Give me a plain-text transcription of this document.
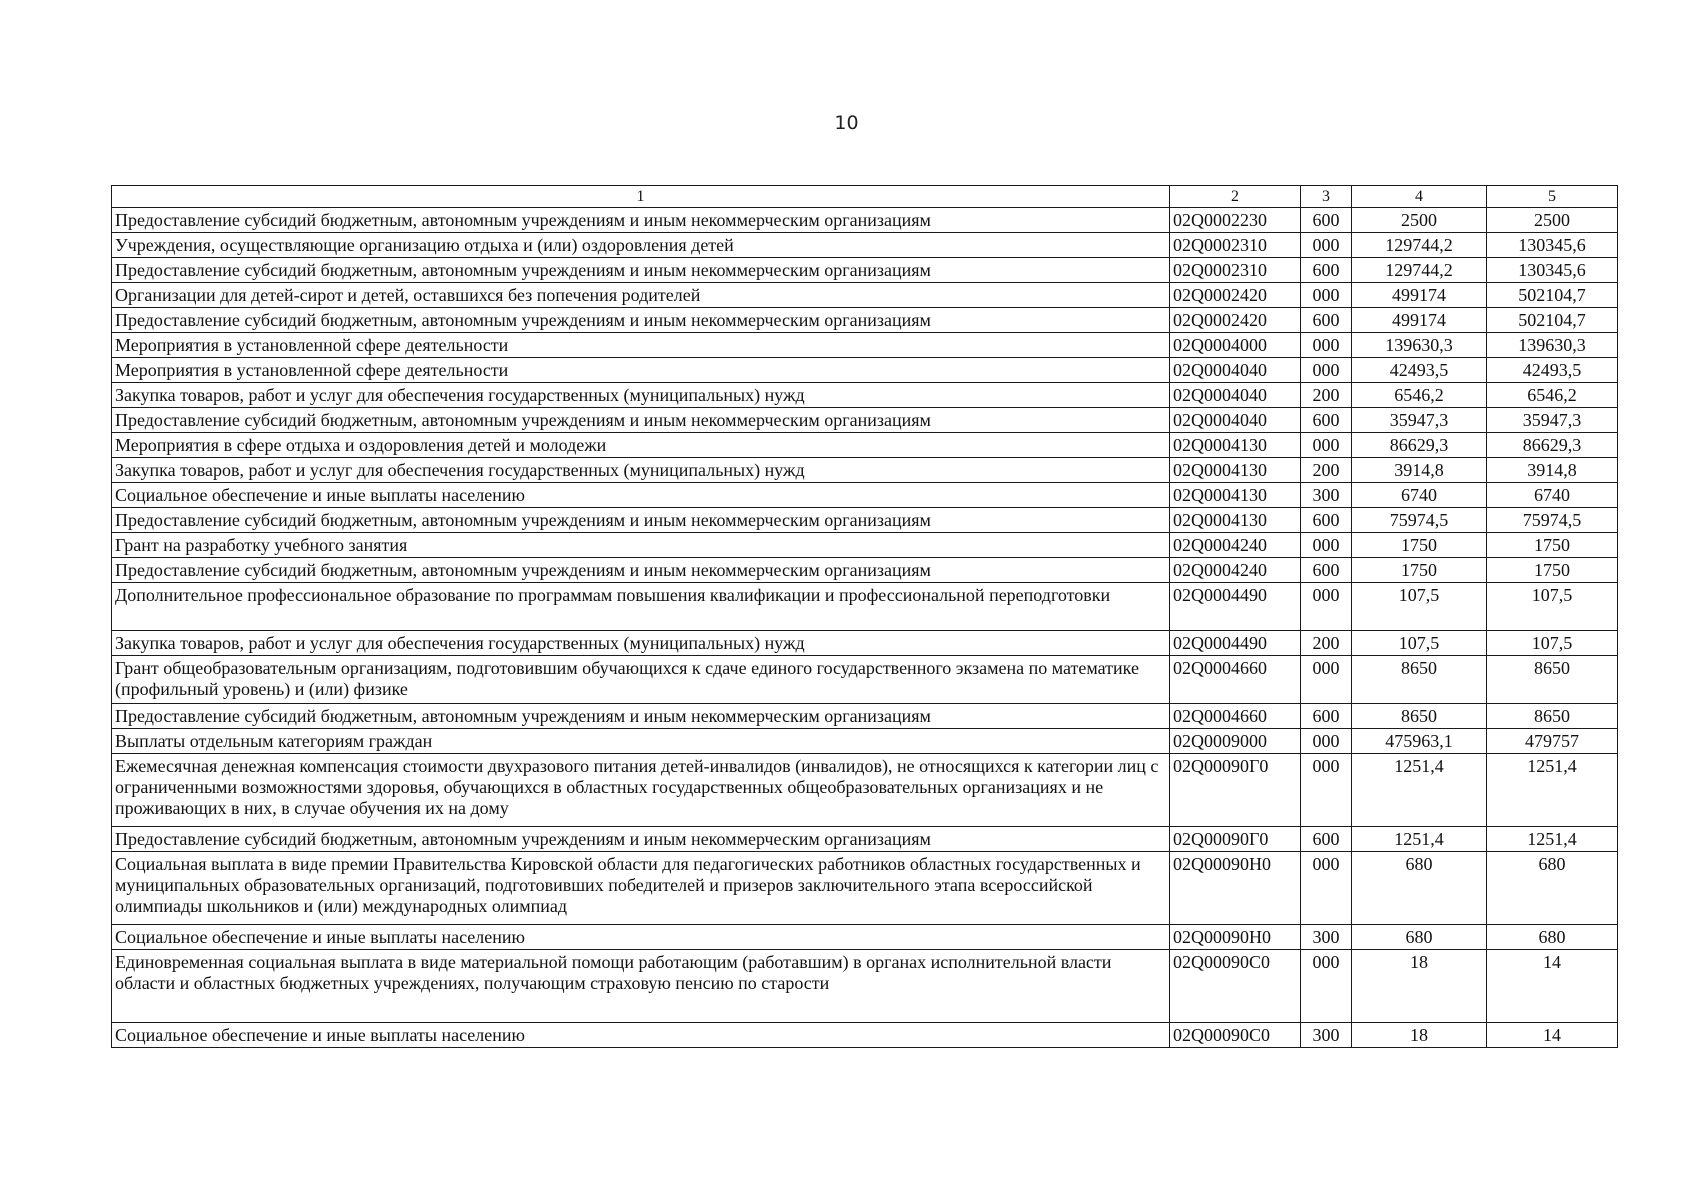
10
1	2	3	4	5
Предоставление субсидий бюджетным, автономным учреждениям и иным некоммерческим организациям	02Q0002230	600	2500	2500
Учреждения, осуществляющие организацию отдыха и (или) оздоровления детей	02Q0002310	000	129744,2	130345,6
Предоставление субсидий бюджетным, автономным учреждениям и иным некоммерческим организациям	02Q0002310	600	129744,2	130345,6
Организации для детей-сирот и детей, оставшихся без попечения родителей	02Q0002420	000	499174	502104,7
Предоставление субсидий бюджетным, автономным учреждениям и иным некоммерческим организациям	02Q0002420	600	499174	502104,7
Мероприятия в установленной сфере деятельности	02Q0004000	000	139630,3	139630,3
Мероприятия в установленной сфере деятельности	02Q0004040	000	42493,5	42493,5
Закупка товаров, работ и услуг для обеспечения государственных (муниципальных) нужд	02Q0004040	200	6546,2	6546,2
Предоставление субсидий бюджетным, автономным учреждениям и иным некоммерческим организациям	02Q0004040	600	35947,3	35947,3
Мероприятия в сфере отдыха и оздоровления детей и молодежи	02Q0004130	000	86629,3	86629,3
Закупка товаров, работ и услуг для обеспечения государственных (муниципальных) нужд	02Q0004130	200	3914,8	3914,8
Социальное обеспечение и иные выплаты населению	02Q0004130	300	6740	6740
Предоставление субсидий бюджетным, автономным учреждениям и иным некоммерческим организациям	02Q0004130	600	75974,5	75974,5
Грант на разработку учебного занятия	02Q0004240	000	1750	1750
Предоставление субсидий бюджетным, автономным учреждениям и иным некоммерческим организациям	02Q0004240	600	1750	1750
Дополнительное профессиональное образование по программам повышения квалификации и профессиональной переподготовки	02Q0004490	000	107,5	107,5
Закупка товаров, работ и услуг для обеспечения государственных (муниципальных) нужд	02Q0004490	200	107,5	107,5
Грант общеобразовательным организациям, подготовившим обучающихся к сдаче единого государственного экзамена по математике (профильный уровень) и (или) физике	02Q0004660	000	8650	8650
Предоставление субсидий бюджетным, автономным учреждениям и иным некоммерческим организациям	02Q0004660	600	8650	8650
Выплаты отдельным категориям граждан	02Q0009000	000	475963,1	479757
Ежемесячная денежная компенсация стоимости двухразового питания детей-инвалидов (инвалидов), не относящихся к категории лиц с ограниченными возможностями здоровья, обучающихся в областных государственных общеобразовательных организациях и не проживающих в них, в случае обучения их на дому	02Q00090Г0	000	1251,4	1251,4
Предоставление субсидий бюджетным, автономным учреждениям и иным некоммерческим организациям	02Q00090Г0	600	1251,4	1251,4
Социальная выплата в виде премии Правительства Кировской области для педагогических работников областных государственных и муниципальных образовательных организаций, подготовивших победителей и призеров заключительного этапа всероссийской олимпиады школьников и (или) международных олимпиад	02Q00090Н0	000	680	680
Социальное обеспечение и иные выплаты населению	02Q00090Н0	300	680	680
Единовременная социальная выплата в виде материальной помощи работающим (работавшим) в органах исполнительной власти области и областных бюджетных учреждениях, получающим страховую пенсию по старости	02Q00090С0	000	18	14
Социальное обеспечение и иные выплаты населению	02Q00090С0	300	18	14
